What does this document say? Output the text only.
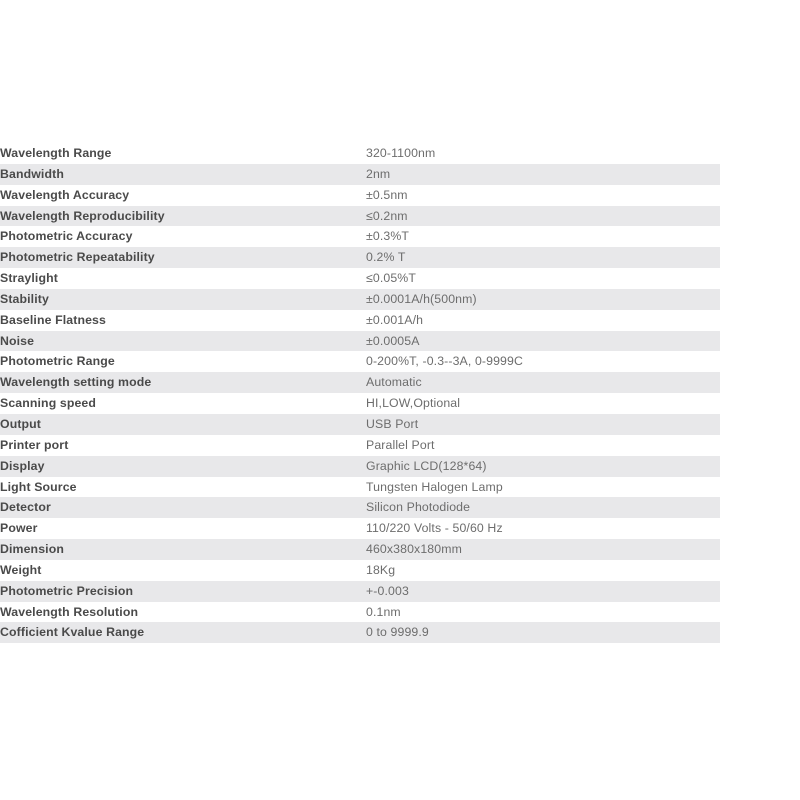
Wavelength Range	320-1100nm
Bandwidth	2nm
Wavelength Accuracy	±0.5nm
Wavelength Reproducibility	≤0.2nm
Photometric Accuracy	±0.3%T
Photometric Repeatability	0.2% T
Straylight	≤0.05%T
Stability	±0.0001A/h(500nm)
Baseline Flatness	±0.001A/h
Noise	±0.0005A
Photometric Range	0-200%T, -0.3--3A, 0-9999C
Wavelength setting mode	Automatic
Scanning speed	HI,LOW,Optional
Output	USB Port
Printer port	Parallel Port
Display	Graphic LCD(128*64)
Light Source	Tungsten Halogen Lamp
Detector	Silicon Photodiode
Power	110/220 Volts - 50/60 Hz
Dimension	460x380x180mm
Weight	18Kg
Photometric Precision	+-0.003
Wavelength Resolution	0.1nm
Cofficient Kvalue Range	0 to 9999.9
